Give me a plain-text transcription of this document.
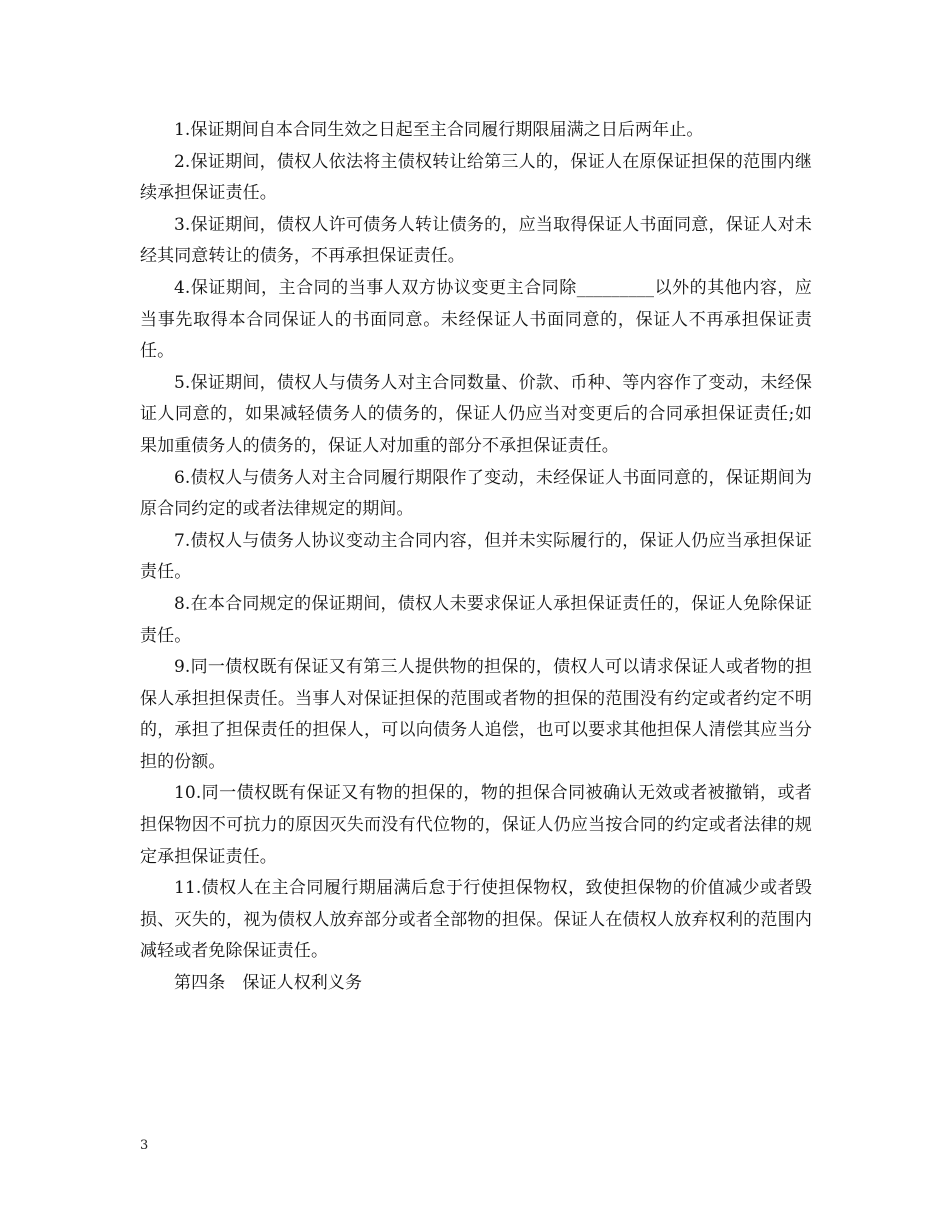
1.保证期间自本合同生效之日起至主合同履行期限届满之日后两年止。

2.保证期间，债权人依法将主债权转让给第三人的，保证人在原保证担保的范围内继续承担保证责任。

3.保证期间，债权人许可债务人转让债务的，应当取得保证人书面同意，保证人对未经其同意转让的债务，不再承担保证责任。

4.保证期间，主合同的当事人双方协议变更主合同除_________以外的其他内容，应当事先取得本合同保证人的书面同意。未经保证人书面同意的，保证人不再承担保证责任。

5.保证期间，债权人与债务人对主合同数量、价款、币种、等内容作了变动，未经保证人同意的，如果减轻债务人的债务的，保证人仍应当对变更后的合同承担保证责任;如果加重债务人的债务的，保证人对加重的部分不承担保证责任。

6.债权人与债务人对主合同履行期限作了变动，未经保证人书面同意的，保证期间为原合同约定的或者法律规定的期间。

7.债权人与债务人协议变动主合同内容，但并未实际履行的，保证人仍应当承担保证责任。

8.在本合同规定的保证期间，债权人未要求保证人承担保证责任的，保证人免除保证责任。

9.同一债权既有保证又有第三人提供物的担保的，债权人可以请求保证人或者物的担保人承担担保责任。当事人对保证担保的范围或者物的担保的范围没有约定或者约定不明的，承担了担保责任的担保人，可以向债务人追偿，也可以要求其他担保人清偿其应当分担的份额。

10.同一债权既有保证又有物的担保的，物的担保合同被确认无效或者被撤销，或者担保物因不可抗力的原因灭失而没有代位物的，保证人仍应当按合同的约定或者法律的规定承担保证责任。

11.债权人在主合同履行期届满后怠于行使担保物权，致使担保物的价值减少或者毁损、灭失的，视为债权人放弃部分或者全部物的担保。保证人在债权人放弃权利的范围内减轻或者免除保证责任。

第四条　保证人权利义务

3
